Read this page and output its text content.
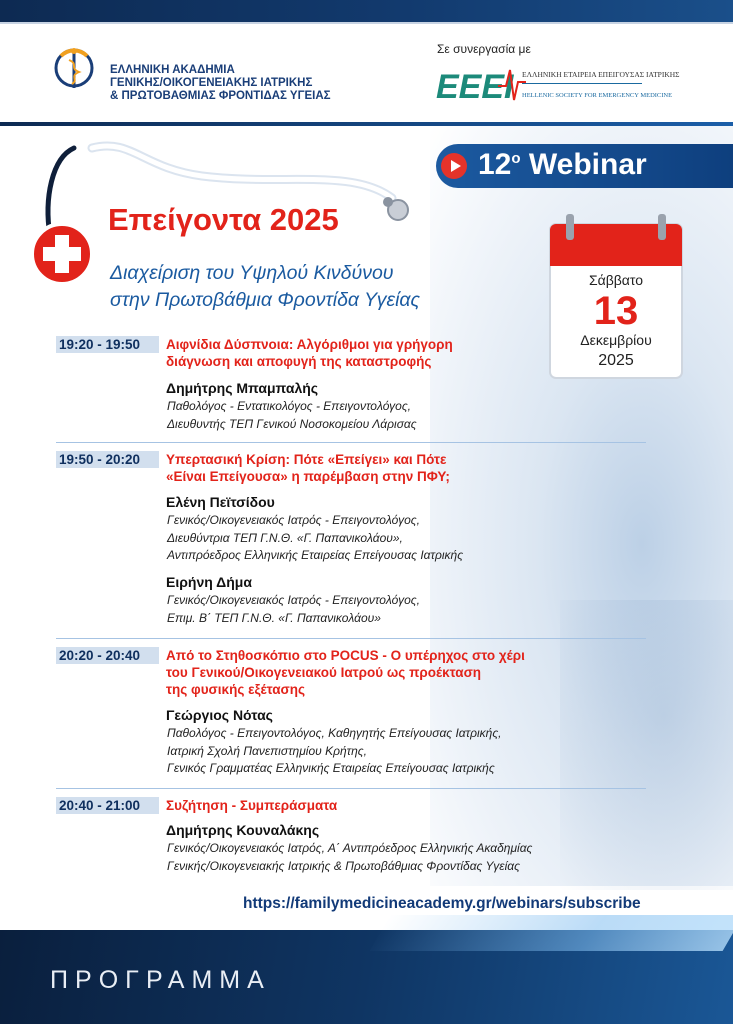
ΕΛΛΗΝΙΚΗ ΑΚΑΔΗΜΙΑ
ΓΕΝΙΚΗΣ/ΟΙΚΟΓΕΝΕΙΑΚΗΣ ΙΑΤΡΙΚΗΣ
& ΠΡΩΤΟΒΑΘΜΙΑΣ ΦΡΟΝΤΙΔΑΣ ΥΓΕΙΑΣ
Σε συνεργασία με
ΕΕΕΙ ΕΛΛΗΝΙΚΗ ΕΤΑΙΡΕΙΑ ΕΠΕΙΓΟΥΣΑΣ ΙΑΤΡΙΚΗΣ
HELLENIC SOCIETY FOR EMERGENCY MEDICINE
$12^o$ Webinar
Επείγοντα 2025
Διαχείριση του Υψηλού Κινδύνου
στην Πρωτοβάθμια Φροντίδα Υγείας
Σάββατο
13
Δεκεμβρίου
2025
19:20 - 19:50	Αιφνίδια Δύσπνοια: Αλγόριθμοι για γρήγορη
διάγνωση και αποφυγή της καταστροφής
Δημήτρης Μπαμπαλής
Παθολόγος - Εντατικολόγος - Επειγοντολόγος,
Διευθυντής ΤΕΠ Γενικού Νοσοκομείου Λάρισας
19:50 - 20:20	Υπερτασική Κρίση: Πότε «Επείγει» και Πότε
«Είναι Επείγουσα» η παρέμβαση στην ΠΦΥ;
Ελένη Πεϊτσίδου
Γενικός/Οικογενειακός Ιατρός - Επειγοντολόγος,
Διευθύντρια ΤΕΠ Γ.Ν.Θ. «Γ. Παπανικολάου»,
Αντιπρόεδρος Ελληνικής Εταιρείας Επείγουσας Ιατρικής
Ειρήνη Δήμα
Γενικός/Οικογενειακός Ιατρός - Επειγοντολόγος,
Επιμ. Β΄ ΤΕΠ Γ.Ν.Θ. «Γ. Παπανικολάου»
20:20 - 20:40	Από το Στηθοσκόπιο στο POCUS - Ο υπέρηχος στο χέρι
του Γενικού/Οικογενειακού Ιατρού ως προέκταση
της φυσικής εξέτασης
Γεώργιος Νότας
Παθολόγος - Επειγοντολόγος, Καθηγητής Επείγουσας Ιατρικής,
Ιατρική Σχολή Πανεπιστημίου Κρήτης,
Γενικός Γραμματέας Ελληνικής Εταιρείας Επείγουσας Ιατρικής
20:40 - 21:00	Συζήτηση - Συμπεράσματα
Δημήτρης Κουναλάκης
Γενικός/Οικογενειακός Ιατρός, Α΄ Αντιπρόεδρος Ελληνικής Ακαδημίας
Γενικής/Οικογενειακής Ιατρικής & Πρωτοβάθμιας Φροντίδας Υγείας
https://familymedicineacademy.gr/webinars/subscribe
ΠΡΟΓΡΑΜΜΑ
